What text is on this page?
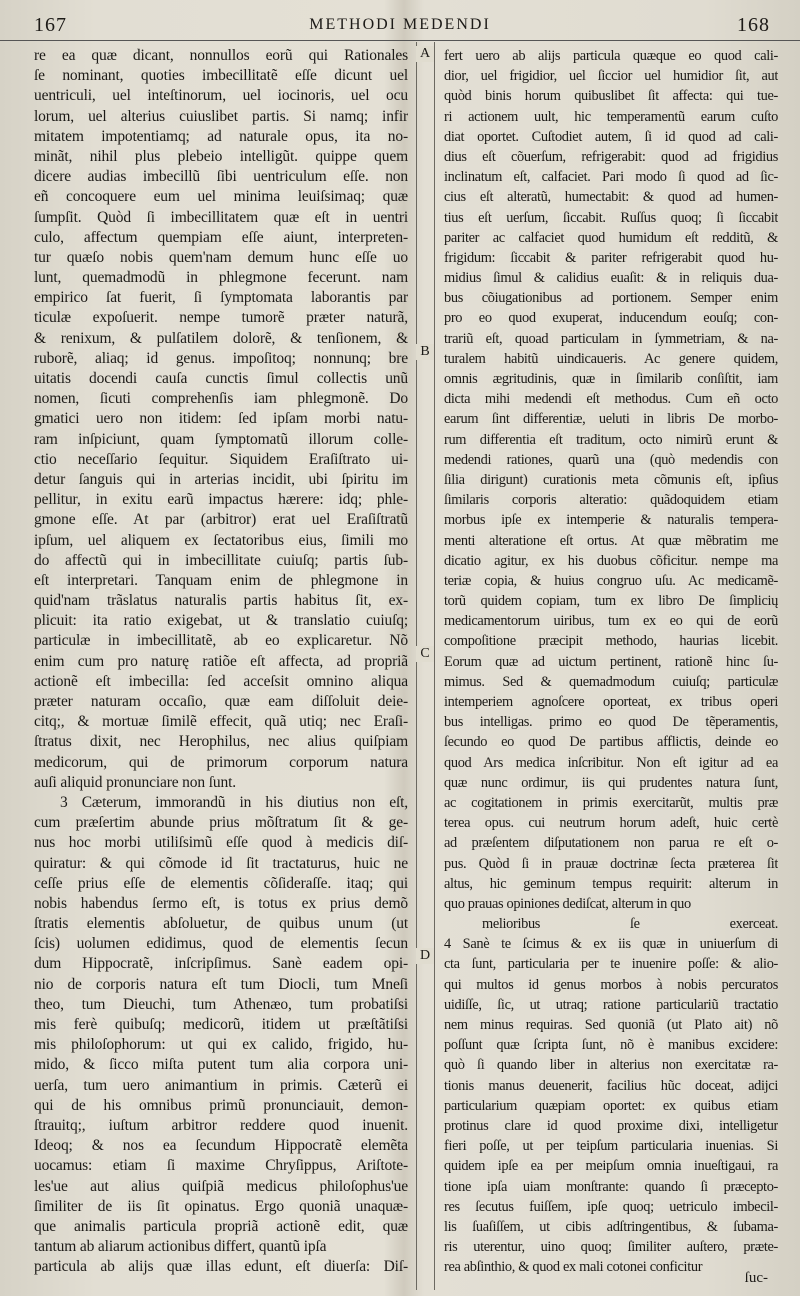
167	METHODI MEDENDI	168
A
B
C
D
re ea quæ dicant, nonnullos eorũ qui Rationales
ſe nominant, quoties imbecillitatẽ eſſe dicunt uel
uentriculi, uel inteſtinorum, uel iocinoris, uel ocu
lorum, uel alterius cuiuslibet partis. Si namq; infir
mitatem impotentiamq; ad naturale opus, ita no-
minãt, nihil plus plebeio intelligũt. quippe quem
dicere audias imbecillũ ſibi uentriculum eſſe. non
eñ concoquere eum uel minima leuiſsimaq; quæ
ſumpſit. Quòd ſi imbecillitatem quæ eſt in uentri
culo, affectum quempiam eſſe aiunt, interpreten-
tur quæſo nobis quem'nam demum hunc eſſe uo
lunt, quemadmodũ in phlegmone fecerunt. nam
empirico ſat fuerit, ſi ſymptomata laborantis par
ticulæ expoſuerit. nempe tumorẽ præter naturã,
& renixum, & pulſatilem dolorẽ, & tenſionem, &
ruborẽ, aliaq; id genus. impoſitoq; nonnunq; bre
uitatis docendi cauſa cunctis ſimul collectis unũ
nomen, ſicuti comprehenſis iam phlegmonẽ. Do
gmatici uero non itidem: ſed ipſam morbi natu-
ram inſpiciunt, quam ſymptomatũ illorum colle-
ctio neceſſario ſequitur. Siquidem Eraſiſtrato ui-
detur ſanguis qui in arterias incidit, ubi ſpiritu im
pellitur, in exitu earũ impactus hærere: idq; phle-
gmone eſſe. At par (arbitror) erat uel Eraſiſtratũ
ipſum, uel aliquem ex ſectatoribus eius, ſimili mo
do affectũ qui in imbecillitate cuiuſq; partis ſub-
eſt interpretari. Tanquam enim de phlegmone in
quid'nam trãslatus naturalis partis habitus ſit, ex-
plicuit: ita ratio exigebat, ut & translatio cuiuſq;
particulæ in imbecillitatẽ, ab eo explicaretur. Nõ
enim cum pro naturę ratiõe eſt affecta, ad propriã
actionẽ eſt imbecilla: ſed acceſsit omnino aliqua
præter naturam occaſio, quæ eam diſſoluit deie-
citq;, & mortuæ ſimilẽ effecit, quã utiq; nec Eraſi-
ſtratus dixit, nec Herophilus, nec alius quiſpiam
medicorum, qui de primorum corporum natura
auſi aliquid pronunciare non ſunt.
3 Cæterum, immorandũ in his diutius non eſt,
cum præſertim abunde prius mõſtratum ſit & ge-
nus hoc morbi utiliſsimũ eſſe quod à medicis diſ-
quiratur: & qui cõmode id ſit tractaturus, huic ne
ceſſe prius eſſe de elementis cõſideraſſe. itaq; qui
nobis habendus ſermo eſt, is totus ex prius demõ
ſtratis elementis abſoluetur, de quibus unum (ut
ſcis) uolumen edidimus, quod de elementis ſecun
dum Hippocratẽ, inſcripſimus. Sanè eadem opi-
nio de corporis natura eſt tum Diocli, tum Mneſi
theo, tum Dieuchi, tum Athenæo, tum probatiſsi
mis ferè quibuſq; medicorũ, itidem ut præſtãtiſsi
mis philoſophorum: ut qui ex calido, frigido, hu-
mido, & ſicco miſta putent tum alia corpora uni-
uerſa, tum uero animantium in primis. Cæterũ ei
qui de his omnibus primũ pronunciauit, demon-
ſtrauitq;, iuſtum arbitror reddere quod inuenit.
Ideoq; & nos ea ſecundum Hippocratẽ elemẽta
uocamus: etiam ſi maxime Chryſippus, Ariſtote-
les'ue aut alius quiſpiã medicus philoſophus'ue
ſimiliter de iis ſit opinatus. Ergo quoniã unaquæ-
que animalis particula propriã actionẽ edit, quæ
tantum ab aliarum actionibus differt, quantũ ipſa
particula ab alijs quæ illas edunt, eſt diuerſa: Diſ-
fert uero ab alijs particula quæque eo quod cali-
dior, uel frigidior, uel ſiccior uel humidior ſit, aut
quòd binis horum quibuslibet ſit affecta: qui tue-
ri actionem uult, hic temperamentũ earum cuſto
diat oportet. Cuſtodiet autem, ſi id quod ad cali-
dius eſt cõuerſum, refrigerabit: quod ad frigidius
inclinatum eſt, calfaciet. Pari modo ſi quod ad ſic-
cius eſt alteratũ, humectabit: & quod ad humen-
tius eſt uerſum, ſiccabit. Ruſſus quoq; ſi ſiccabit
pariter ac calfaciet quod humidum eſt redditũ, &
frigidum: ſiccabit & pariter refrigerabit quod hu-
midius ſimul & calidius euaſit: & in reliquis dua-
bus cõiugationibus ad portionem. Semper enim
pro eo quod exuperat, inducendum eouſq; con-
trariũ eſt, quoad particulam in ſymmetriam, & na-
turalem habitũ uindicaueris. Ac genere quidem,
omnis ægritudinis, quæ in ſimilarib conſiſtit, iam
dicta mihi medendi eſt methodus. Cum eñ octo
earum ſint differentiæ, ueluti in libris De morbo-
rum differentia eſt traditum, octo nimirũ erunt &
medendi rationes, quarũ una (quò medendis con
ſilia dirigunt) curationis meta cõmunis eſt, ipſius
ſimilaris corporis alteratio: quãdoquidem etiam
morbus ipſe ex intemperie & naturalis tempera-
menti alteratione eſt ortus. At quæ mẽbratim me
dicatio agitur, ex his duobus cõficitur. nempe ma
teriæ copia, & huius congruo uſu. Ac medicamẽ-
torũ quidem copiam, tum ex libro De ſimplicių
medicamentorum uiribus, tum ex eo qui de eorũ
compoſitione præcipit methodo, haurias licebit.
Eorum quæ ad uictum pertinent, rationẽ hinc ſu-
mimus. Sed & quemadmodum cuiuſq; particulæ
intemperiem agnoſcere oporteat, ex tribus operi
bus intelligas. primo eo quod De tẽperamentis,
ſecundo eo quod De partibus afflictis, deinde eo
quod Ars medica inſcribitur. Non eſt igitur ad ea
quæ nunc ordimur, iis qui prudentes natura ſunt,
ac cogitationem in primis exercitarũt, multis præ
terea opus. cui neutrum horum adeſt, huic certè
ad præſentem diſputationem non parua re eſt o-
pus. Quòd ſi in prauæ doctrinæ ſecta præterea ſit
altus, hic geminum tempus requirit: alterum in
quo prauas opiniones dediſcat, alterum in quo
melioribus ſe exerceat.
4 Sanè te ſcimus & ex iis quæ in uniuerſum di
cta ſunt, particularia per te inuenire poſſe: & alio-
qui multos id genus morbos à nobis percuratos
uidiſſe, ſic, ut utraq; ratione particulariũ tractatio
nem minus requiras. Sed quoniã (ut Plato ait) nõ
poſſunt quæ ſcripta ſunt, nõ è manibus excidere:
quò ſi quando liber in alterius non exercitatæ ra-
tionis manus deuenerit, facilius hũc doceat, adijci
particularium quæpiam oportet: ex quibus etiam
protinus clare id quod proxime dixi, intelligetur
fieri poſſe, ut per teipſum particularia inuenias. Si
quidem ipſe ea per meipſum omnia inueſtigaui, ra
tione ipſa uiam monſtrante: quando ſi præcepto-
res ſecutus fuiſſem, ipſe quoq; uetriculo imbecil-
lis ſuaſiſſem, ut cibis adſtringentibus, & ſubama-
ris uterentur, uino quoq; ſimiliter auſtero, præte-
rea abſinthio, & quod ex mali cotonei conficitur
ſuc-
